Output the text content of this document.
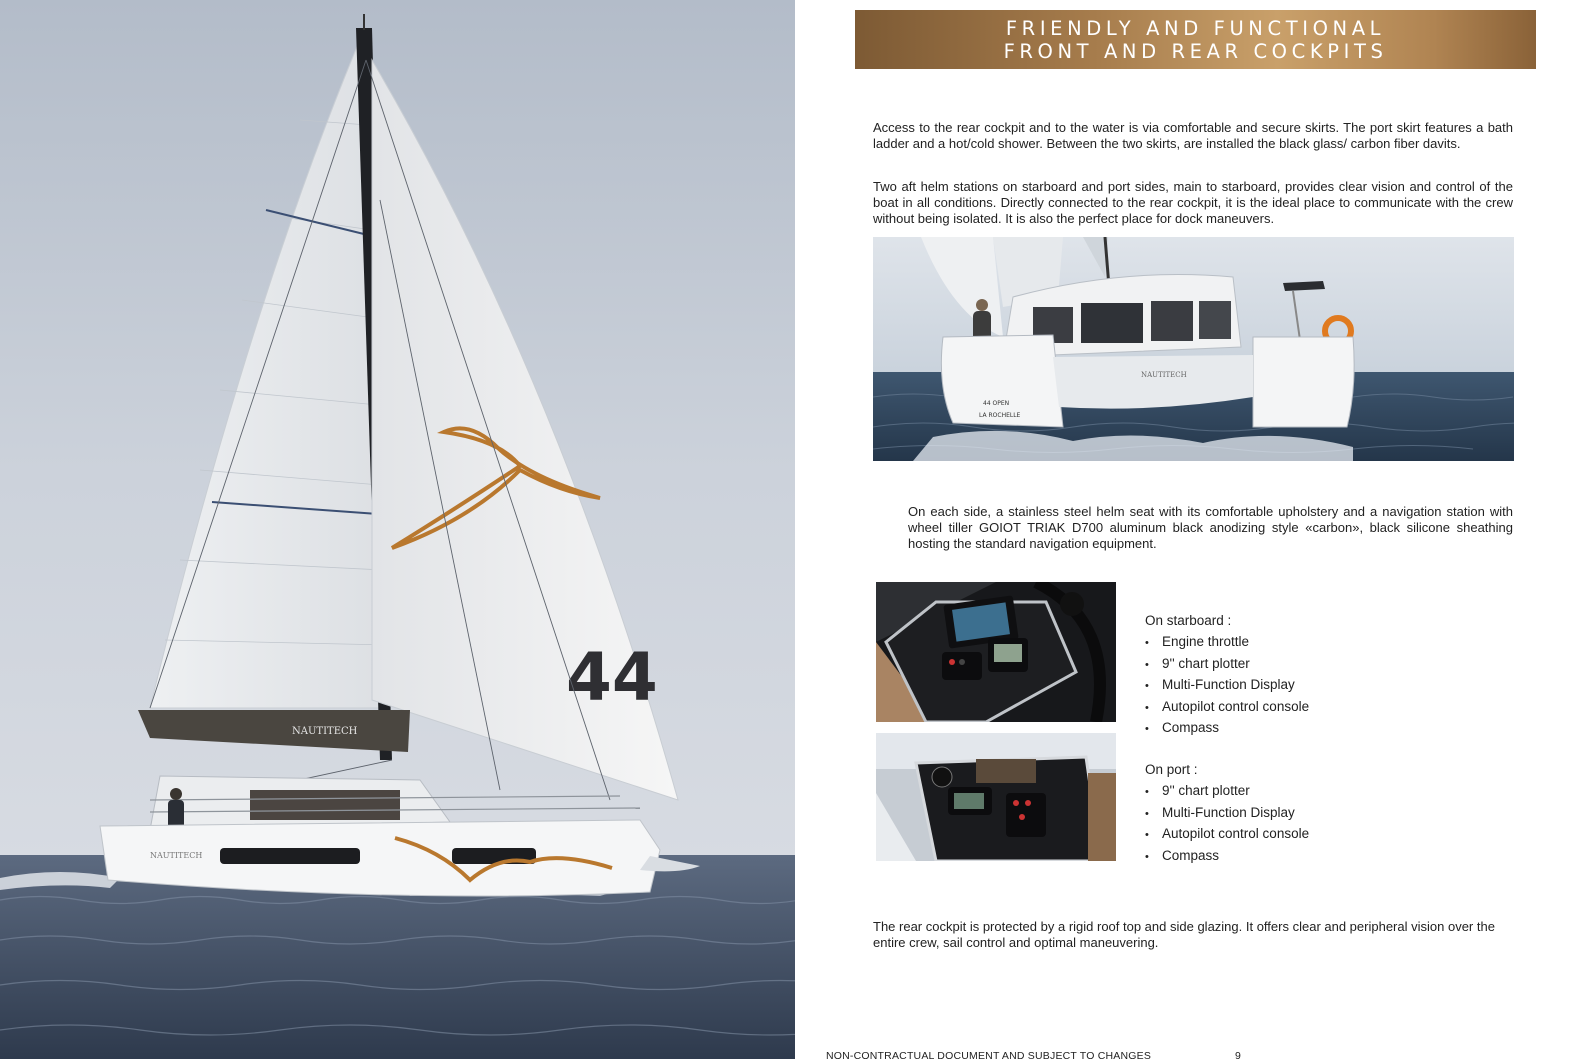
44
NAUTITECH
NAUTITECH
FRIENDLY AND FUNCTIONAL
FRONT AND REAR COCKPITS

Access to the rear cockpit and to the water is via comfortable and secure skirts. The port skirt features a bath ladder and a hot/cold shower. Between the two skirts, are installed the black glass/ carbon fiber davits.

Two aft helm stations on starboard and port sides, main to starboard, provides clear vision and control of the boat in all conditions. Directly connected to the rear cockpit, it is the ideal place to communicate with the crew without being isolated. It is also the perfect place for dock maneuvers.

44 OPEN
LA ROCHELLE
NAUTITECH

On each side, a stainless steel helm seat with its comfortable upholstery and a navigation station with wheel tiller GOIOT TRIAK D700 aluminum black anodizing style «carbon», black silicone sheathing hosting the standard navigation equipment.

On starboard :
• Engine throttle
• 9'' chart plotter
• Multi-Function Display
• Autopilot control console
• Compass
On port :
• 9'' chart plotter
• Multi-Function Display
• Autopilot control console
• Compass

The rear cockpit is protected by a rigid roof top and side glazing. It offers clear and peripheral vision over the entire crew, sail control and optimal maneuvering.

NON-CONTRACTUAL DOCUMENT AND SUBJECT TO CHANGES	9
